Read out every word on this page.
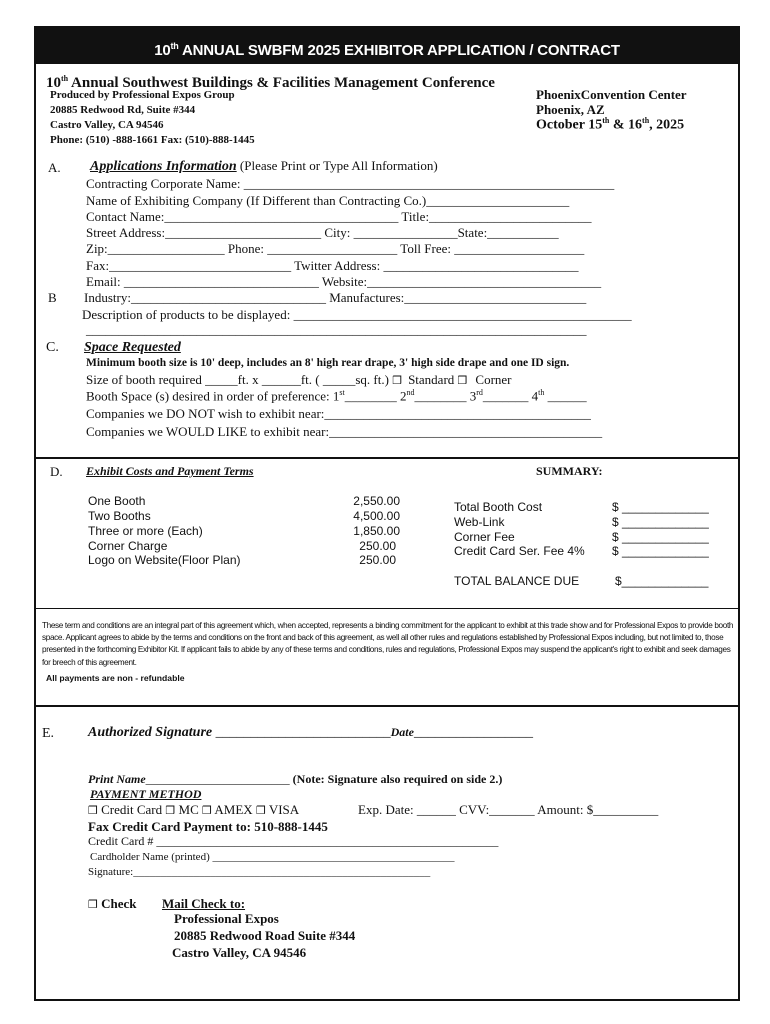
10th ANNUAL SWBFM 2025 EXHIBITOR APPLICATION / CONTRACT
10th Annual Southwest Buildings & Facilities Management Conference
Produced by Professional Expos Group
20885 Redwood Rd, Suite #344
Castro Valley, CA 94546
Phone: (510) -888-1661 Fax: (510)-888-1445
PhoenixConvention Center
Phoenix, AZ
October 15th & 16th, 2025
A. Applications Information (Please Print or Type All Information)
Contracting Corporate Name: _________________________________________________________
Name of Exhibiting Company (If Different than Contracting Co.)______________________
Contact Name:____________________________________ Title:_________________________
Street Address:________________________ City: ________________State:___________
Zip:__________________ Phone: ____________________ Toll Free: ____________________
Fax:____________________________ Twitter Address: ______________________________
Email: ______________________________ Website:____________________________________
B Industry:______________________________ Manufactures:____________________________
Description of products to be displayed: ____________________________________________________
_____________________________________________________________________________
C. Space Requested
Minimum booth size is 10' deep, includes an 8' high rear drape, 3' high side drape and one ID sign.
Size of booth required _____ft. x ______ft. ( _____sq. ft.) ❒ Standard ❒ Corner
Booth Space (s) desired in order of preference: 1st________ 2nd________ 3rd_______ 4th ______
Companies we DO NOT wish to exhibit near:_________________________________________
Companies we WOULD LIKE to exhibit near:__________________________________________
D. Exhibit Costs and Payment Terms	SUMMARY:
One Booth	2,550.00
Two Booths	4,500.00
Three or more (Each)	1,850.00
Corner Charge	250.00
Logo on Website(Floor Plan)	250.00
Total Booth Cost	$ _____________
Web-Link	$ _____________
Corner Fee	$ _____________
Credit Card Ser. Fee 4% $ _____________
TOTAL BALANCE DUE	$_____________
These term and conditions are an integral part of this agreement which, when accepted, represents a binding commitment for the applicant to exhibit at this trade show and for Professional Expos to provide booth space. Applicant agrees to abide by the terms and conditions on the front and back of this agreement, as well all other rules and regulations established by Professional Expos including, but not limited to, those presented in the forthcoming Exhibitor Kit. If applicant fails to abide by any of these terms and conditions, rules and regulations, Professional Expos may suspend the applicant's right to exhibit and seek damages for breech of this agreement.
All payments are non - refundable
E. Authorized Signature _________________________Date_________________
Print Name________________________ (Note: Signature also required on side 2.)
PAYMENT METHOD
❒ Credit Card ❒ MC ❒ AMEX ❒ VISA	Exp. Date: ______ CVV:_______ Amount: $__________
Fax Credit Card Payment to: 510-888-1445
Credit Card # _________________________________________________________
Cardholder Name (printed) ____________________________________________
Signature:______________________________________________________
❒ Check Mail Check to:
Professional Expos
20885 Redwood Road Suite #344
Castro Valley, CA 94546
